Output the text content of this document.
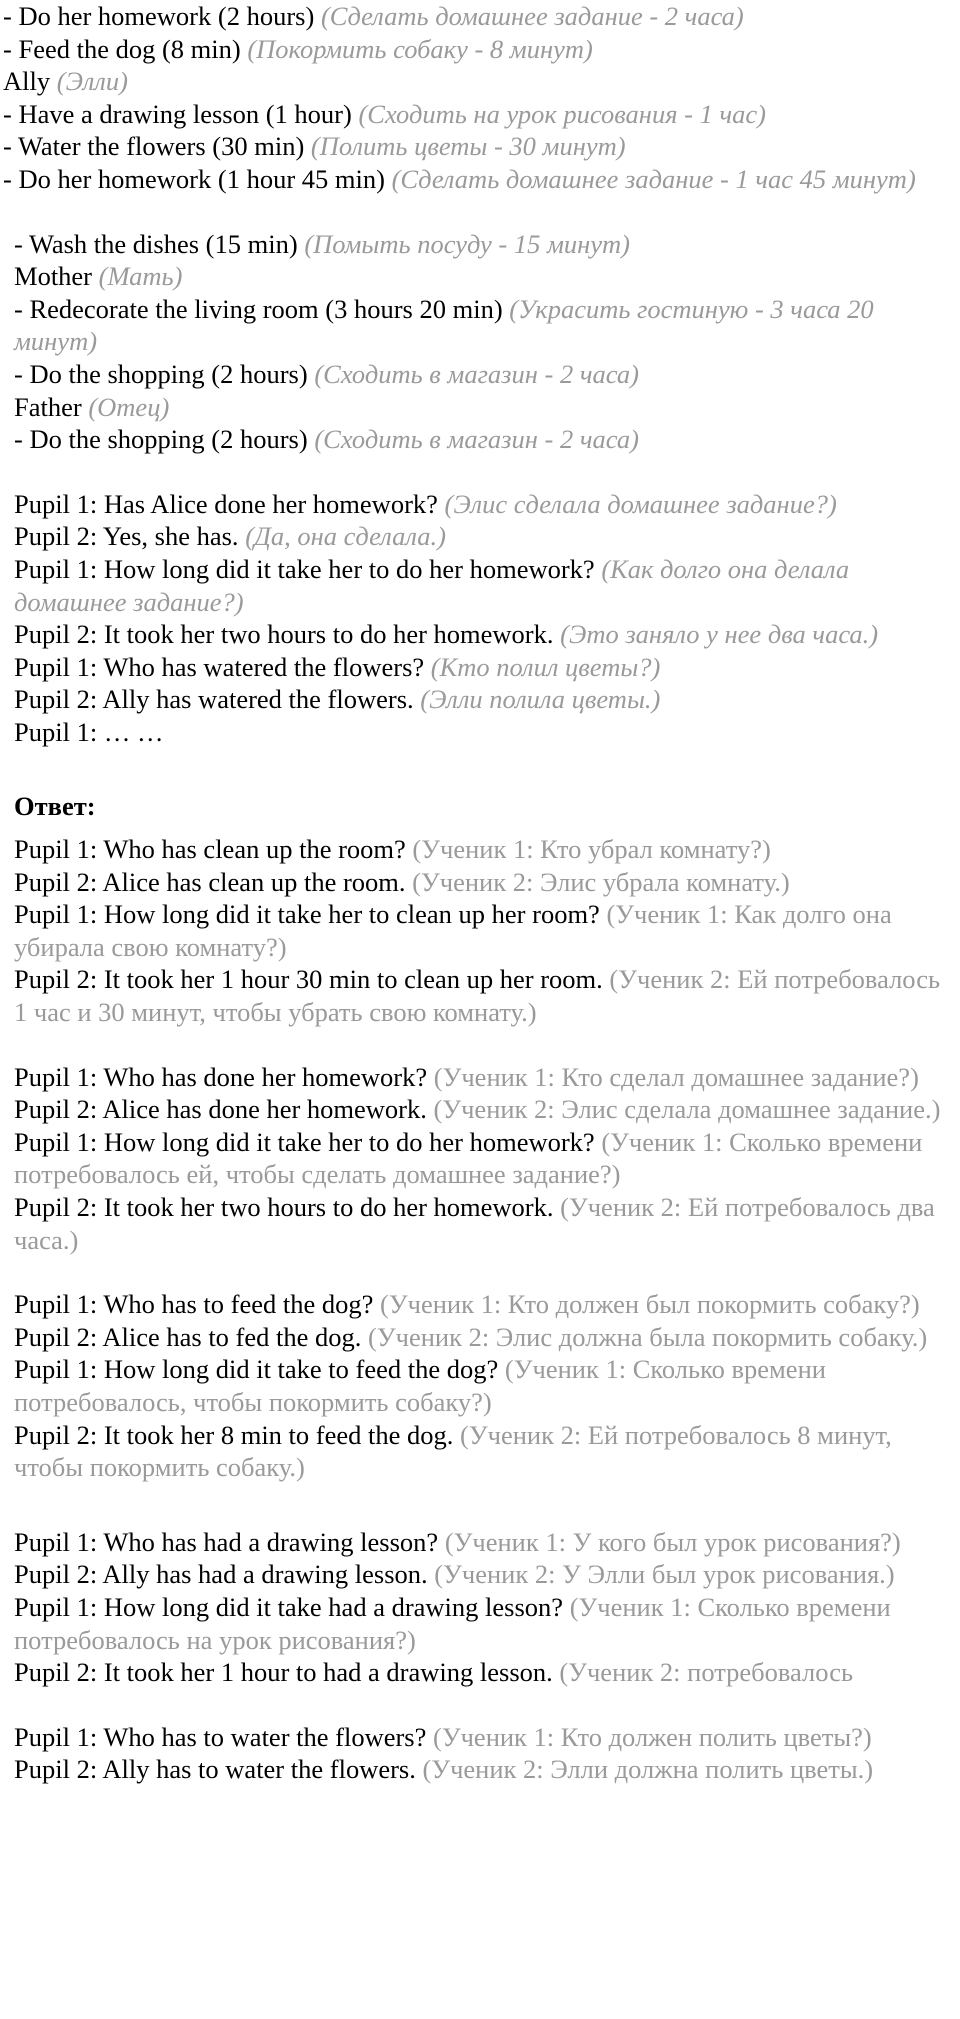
- Do her homework (2 hours) (Сделать домашнее задание - 2 часа)
- Feed the dog (8 min) (Покормить собаку - 8 минут)
Ally (Элли)
- Have a drawing lesson (1 hour) (Сходить на урок рисования - 1 час)
- Water the flowers (30 min) (Полить цветы - 30 минут)
- Do her homework (1 hour 45 min) (Сделать домашнее задание - 1 час 45 минут)
- Wash the dishes (15 min) (Помыть посуду - 15 минут)
Mother (Мать)
- Redecorate the living room (3 hours 20 min) (Украсить гостиную - 3 часа 20 минут)
- Do the shopping (2 hours) (Сходить в магазин - 2 часа)
Father (Отец)
- Do the shopping (2 hours) (Сходить в магазин - 2 часа)
Pupil 1: Has Alice done her homework? (Элис сделала домашнее задание?)
Pupil 2: Yes, she has. (Да, она сделала.)
Pupil 1: How long did it take her to do her homework? (Как долго она делала домашнее задание?)
Pupil 2: It took her two hours to do her homework. (Это заняло у нее два часа.)
Pupil 1: Who has watered the flowers? (Кто полил цветы?)
Pupil 2: Ally has watered the flowers. (Элли полила цветы.)
Pupil 1: … …
Ответ:
Pupil 1: Who has clean up the room? (Ученик 1: Кто убрал комнату?)
Pupil 2: Alice has clean up the room. (Ученик 2: Элис убрала комнату.)
Pupil 1: How long did it take her to clean up her room? (Ученик 1: Как долго она убирала свою комнату?)
Pupil 2: It took her 1 hour 30 min to clean up her room. (Ученик 2: Ей потребовалось 1 час и 30 минут, чтобы убрать свою комнату.)
Pupil 1: Who has done her homework? (Ученик 1: Кто сделал домашнее задание?)
Pupil 2: Alice has done her homework. (Ученик 2: Элис сделала домашнее задание.)
Pupil 1: How long did it take her to do her homework? (Ученик 1: Сколько времени потребовалось ей, чтобы сделать домашнее задание?)
Pupil 2: It took her two hours to do her homework. (Ученик 2: Ей потребовалось два часа.)
Pupil 1: Who has to feed the dog? (Ученик 1: Кто должен был покормить собаку?)
Pupil 2: Alice has to fed the dog. (Ученик 2: Элис должна была покормить собаку.)
Pupil 1: How long did it take to feed the dog? (Ученик 1: Сколько времени потребовалось, чтобы покормить собаку?)
Pupil 2: It took her 8 min to feed the dog. (Ученик 2: Ей потребовалось 8 минут, чтобы покормить собаку.)
Pupil 1: Who has had a drawing lesson? (Ученик 1: У кого был урок рисования?)
Pupil 2: Ally has had a drawing lesson. (Ученик 2: У Элли был урок рисования.)
Pupil 1: How long did it take had a drawing lesson? (Ученик 1: Сколько времени потребовалось на урок рисования?)
Pupil 2: It took her 1 hour to had a drawing lesson. (Ученик 2: потребовалось
Pupil 1: Who has to water the flowers? (Ученик 1: Кто должен полить цветы?)
Pupil 2: Ally has to water the flowers. (Ученик 2: Элли должна полить цветы.)
